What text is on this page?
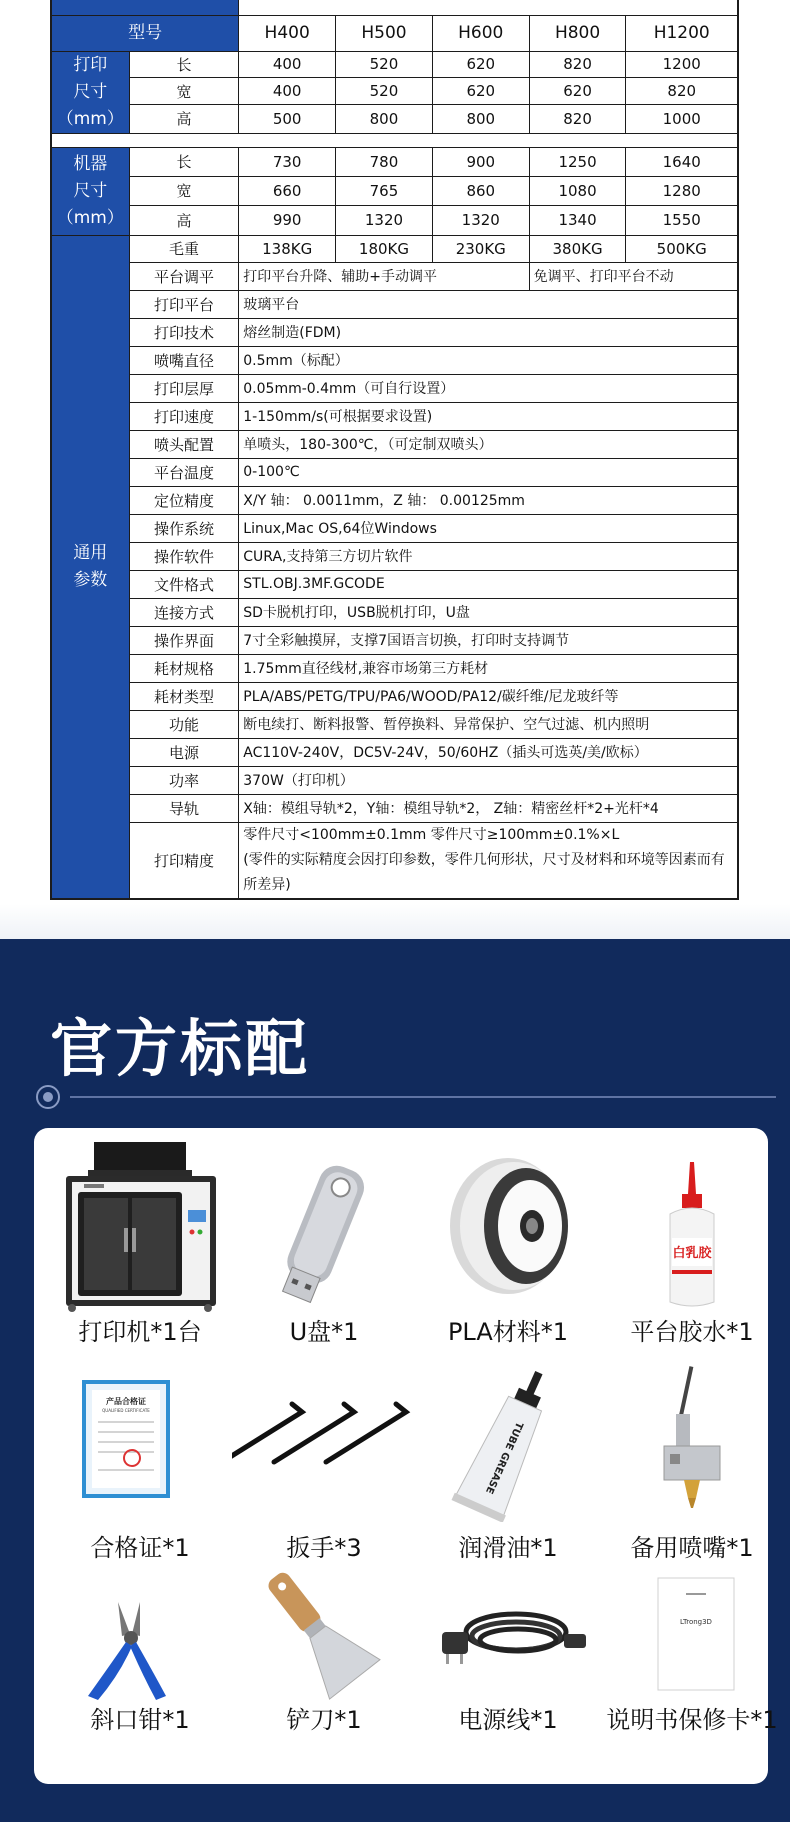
型号		H400	H500	H600	H800	H1200
打印
尺寸
（mm）	长	400	520	620	820	1200
	宽	400	520	620	620	820
	高	500	800	800	820	1000

机器
尺寸
（mm）	长	730	780	900	1250	1640
	宽	660	765	860	1080	1280
	高	990	1320	1320	1340	1550
通用
参数	毛重	138KG	180KG	230KG	380KG	500KG
	平台调平	打印平台升降、辅助+手动调平			免调平、打印平台不动	
	打印平台	玻璃平台				
	打印技术	熔丝制造(FDM)				
	喷嘴直径	0.5mm（标配）				
	打印层厚	0.05mm-0.4mm（可自行设置）				
	打印速度	1-150mm/s(可根据要求设置)				
	喷头配置	单喷头，180-300℃，（可定制双喷头）				
	平台温度	0-100℃				
	定位精度	X/Y 轴： 0.0011mm，Z 轴： 0.00125mm				
	操作系统	Linux,Mac OS,64位Windows				
	操作软件	CURA,支持第三方切片软件				
	文件格式	STL.OBJ.3MF.GCODE				
	连接方式	SD卡脱机打印，USB脱机打印，U盘				
	操作界面	7寸全彩触摸屏，支撑7国语言切换，打印时支持调节				
	耗材规格	1.75mm直径线材,兼容市场第三方耗材				
	耗材类型	PLA/ABS/PETG/TPU/PA6/WOOD/PA12/碳纤维/尼龙玻纤等				
	功能	断电续打、断料报警、暂停换料、异常保护、空气过滤、机内照明				
	电源	AC110V-240V，DC5V-24V，50/60HZ（插头可选英/美/欧标）				
	功率	370W（打印机）				
	导轨	X轴：模组导轨*2，Y轴：模组导轨*2， Z轴：精密丝杆*2+光杆*4				
	打印精度	零件尺寸<100mm±0.1mm 零件尺寸≥100mm±0.1%×L
(零件的实际精度会因打印参数，零件几何形状，尺寸及材料和环境等因素而有所差异)				
官方标配
白乳胶
打印机*1台	U盘*1	PLA材料*1	平台胶水*1
产品合格证
QUALIFIED CERTIFICATE
TUBE GREASE
合格证*1	扳手*3	润滑油*1	备用喷嘴*1
LTrong3D
斜口钳*1	铲刀*1	电源线*1	说明书保修卡*1
